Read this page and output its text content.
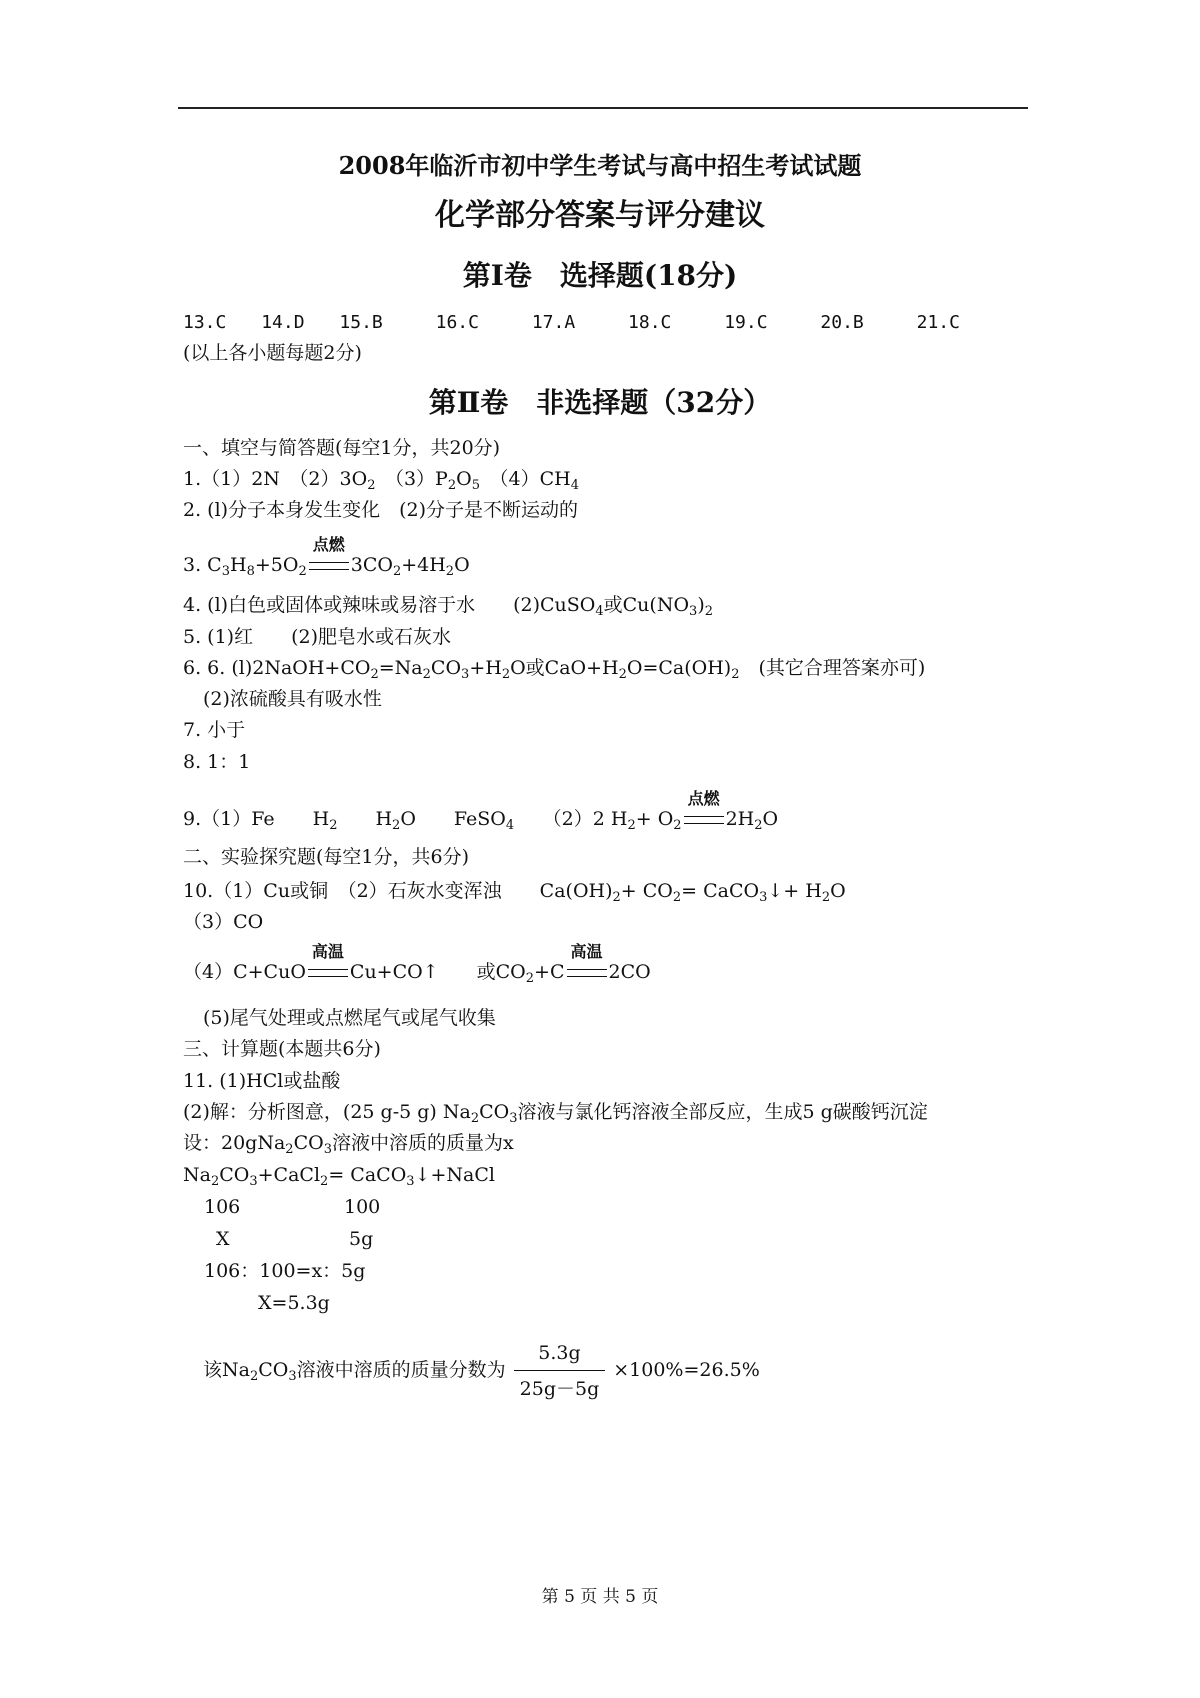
2008年临沂市初中学生考试与高中招生考试试题
化学部分答案与评分建议
第Ⅰ卷　选择题(18分)
13.C 14.D 15.B	16.C	17.A	18.C	19.C	20.B	21.C
(以上各小题每题2分)
第Ⅱ卷　非选择题（32分）
一、填空与简答题(每空1分，共20分)
1.（1）2N　$(2)3O_2$　$(3)P_2O_5$　$(4)CH_4$
2. (l)分子本身发生变化　(2)分子是不断运动的
3. $C_3H_8+5O_2$
点燃
$3CO_2+4H_2O$
4. (l)白色或固体或辣味或易溶于水　　(2)CuSO$_4$或$Cu(NO_3)_2$
5. (1)红　　(2)肥皂水或石灰水
6. 6. $(l)2NaOH+CO_2=Na_2CO_3+H_2O$或$CaO+H_2O=Ca(OH)_2$　(其它合理答案亦可)
(2)浓硫酸具有吸水性
7. 小于
8. 1：1
9.（1）Fe　　$H_2$　　$H_2O$　　FeSO$_4$　　（2）2 $H_2+ O_2$
点燃
$2H_2O$
二、实验探究题(每空1分，共6分)
10.（1）Cu或铜　（2）石灰水变浑浊　　$Ca(OH)_2+ CO_2=$ CaCO$_3$↓+ $H_2O$
（3）CO
（4）C+CuO
高温
Cu+CO↑　　或$CO_2+C$
高温
2CO
(5)尾气处理或点燃尾气或尾气收集
三、计算题(本题共6分)
11. (1)HCl或盐酸
(2)解：分析图意，(25 g-5 g) $Na_2CO_3$溶液与氯化钙溶液全部反应，生成5 g碳酸钙沉淀
设：$20gNa_2CO_3$溶液中溶质的质量为x
$Na_2CO_3+CaCl_2=$ CaCO$_3$↓+NaCl
106	100
X	5g
106：100=x：5g
X=5.3g
该$Na_2CO_3$溶液中溶质的质量分数为 $\frac{5.3g}{25g-5g} \times 100\%=26.5\%$
第 5 页 共 5 页
